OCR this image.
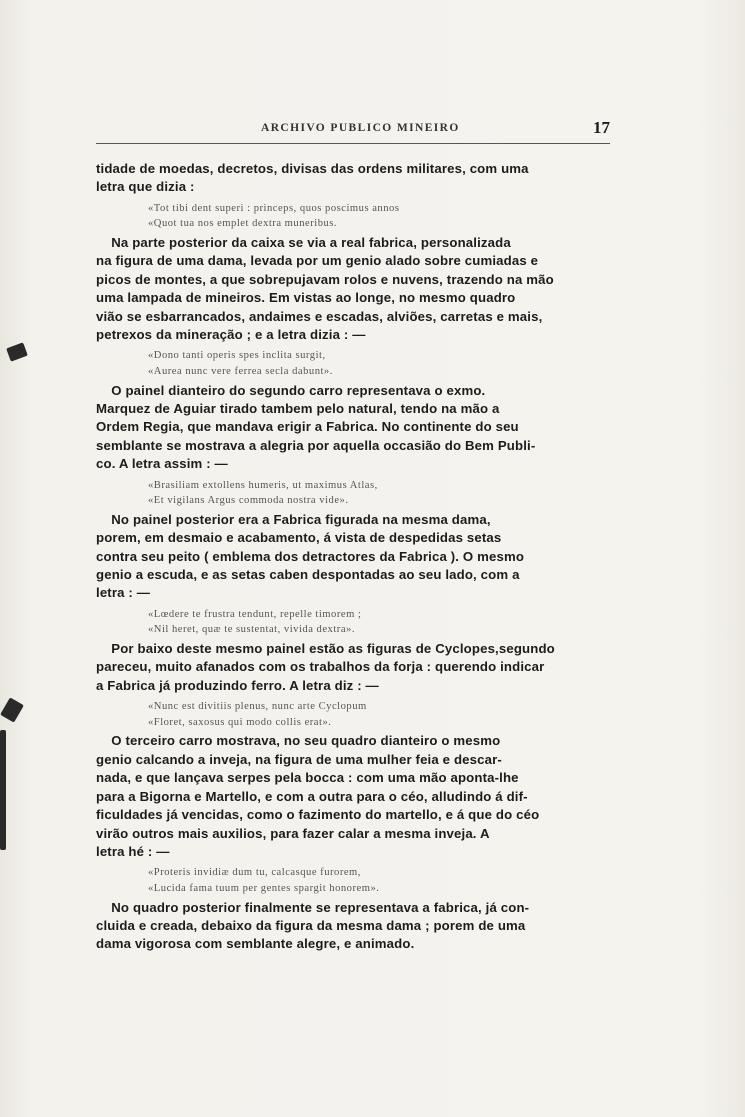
ARCHIVO PUBLICO MINEIRO	17
tidade de moedas, decretos, divisas das ordens militares, com uma
letra que dizia :
«Tot tibi dent superi : princeps, quos poscimus annos
«Quot tua nos emplet dextra muneribus.
Na parte posterior da caixa se via a real fabrica, personalizada
na figura de uma dama, levada por um genio alado sobre cumiadas e
picos de montes, a que sobrepujavam rolos e nuvens, trazendo na mão
uma lampada de mineiros. Em vistas ao longe, no mesmo quadro
vião se esbarrancados, andaimes e escadas, alviões, carretas e mais,
petrexos da mineração ; e a letra dizia : —
«Dono tanti operis spes inclita surgit,
«Aurea nunc vere ferrea secla dabunt».
O painel dianteiro do segundo carro representava o exmo.
Marquez de Aguiar tirado tambem pelo natural, tendo na mão a
Ordem Regia, que mandava erigir a Fabrica. No continente do seu
semblante se mostrava a alegria por aquella occasião do Bem Publi-
co. A letra assim : —
«Brasiliam extollens humeris, ut maximus Atlas,
«Et vigilans Argus commoda nostra vide».
No painel posterior era a Fabrica figurada na mesma dama,
porem, em desmaio e acabamento, á vista de despedidas setas
contra seu peito ( emblema dos detractores da Fabrica ). O mesmo
genio a escuda, e as setas caben despontadas ao seu lado, com a
letra : —
«Lœdere te frustra tendunt, repelle timorem ;
«Nil heret, quæ te sustentat, vivida dextra».
Por baixo deste mesmo painel estão as figuras de Cyclopes,segundo
pareceu, muito afanados com os trabalhos da forja : querendo indicar
a Fabrica já produzindo ferro. A letra diz : —
«Nunc est divitiis plenus, nunc arte Cyclopum
«Floret, saxosus qui modo collis erat».
O terceiro carro mostrava, no seu quadro dianteiro o mesmo
genio calcando a inveja, na figura de uma mulher feia e descar-
nada, e que lançava serpes pela bocca : com uma mão aponta-lhe
para a Bigorna e Martello, e com a outra para o céo, alludindo á dif-
ficuldades já vencidas, como o fazimento do martello, e á que do céo
virão outros mais auxilios, para fazer calar a mesma inveja. A
letra hé : —
«Proteris invidiæ dum tu, calcasque furorem,
«Lucida fama tuum per gentes spargit honorem».
No quadro posterior finalmente se representava a fabrica, já con-
cluida e creada, debaixo da figura da mesma dama ; porem de uma
dama vigorosa com semblante alegre, e animado.
